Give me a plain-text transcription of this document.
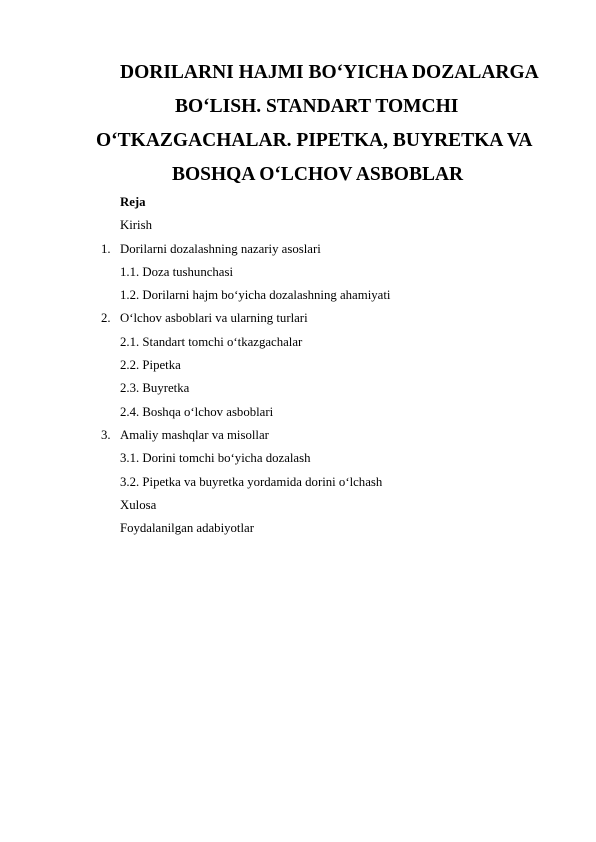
DORILARNI HAJMI BO‘YICHA DOZALARGA
BO‘LISH. STANDART TOMCHI
O‘TKAZGACHALAR. PIPETKA, BUYRETKA VA
BOSHQA O‘LCHOV ASBOBLAR
Reja
Kirish
1. Dorilarni dozalashning nazariy asoslari
1.1. Doza tushunchasi
1.2. Dorilarni hajm bo‘yicha dozalashning ahamiyati
2. O‘lchov asboblari va ularning turlari
2.1. Standart tomchi o‘tkazgachalar
2.2. Pipetka
2.3. Buyretka
2.4. Boshqa o‘lchov asboblari
3. Amaliy mashqlar va misollar
3.1. Dorini tomchi bo‘yicha dozalash
3.2. Pipetka va buyretka yordamida dorini o‘lchash
Xulosa
Foydalanilgan adabiyotlar
